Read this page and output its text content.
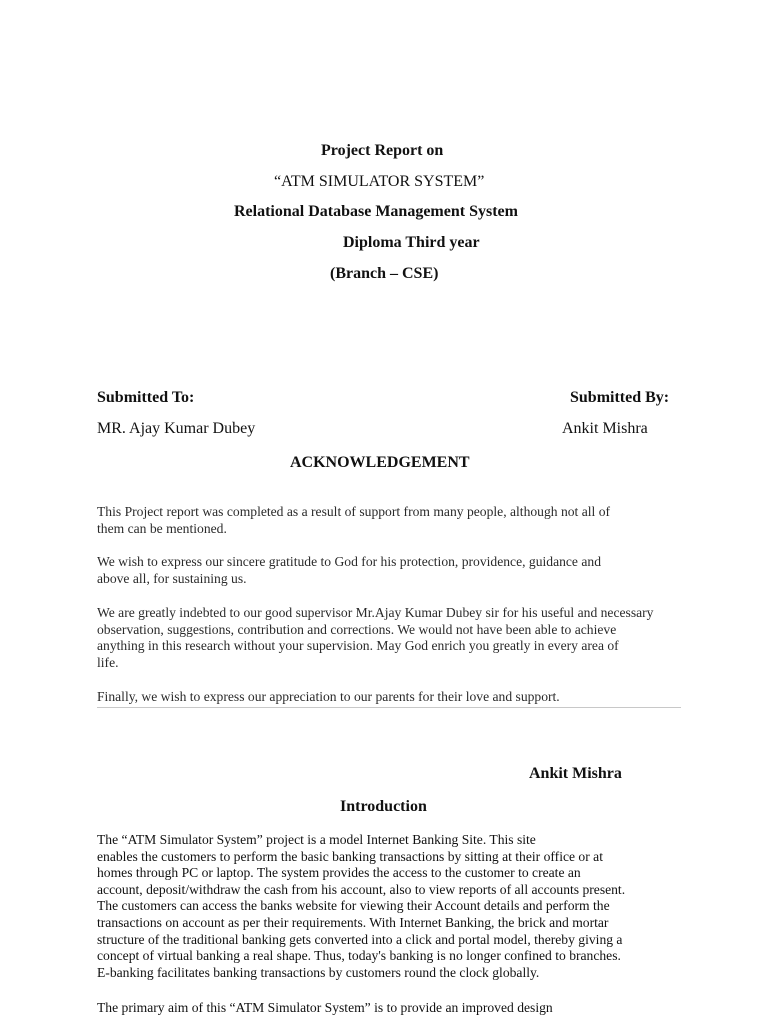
Project Report on

“ATM SIMULATOR SYSTEM”

Relational Database Management System

Diploma Third year

(Branch – CSE)

Submitted To:	Submitted By:

MR. Ajay Kumar Dubey	Ankit Mishra

ACKNOWLEDGEMENT

This Project report was completed as a result of support from many people, although not all of
them can be mentioned.

We wish to express our sincere gratitude to God for his protection, providence, guidance and
above all, for sustaining us.

We are greatly indebted to our good supervisor Mr.Ajay Kumar Dubey sir for his useful and necessary
observation, suggestions, contribution and corrections. We would not have been able to achieve
anything in this research without your supervision. May God enrich you greatly in every area of
life.

Finally, we wish to express our appreciation to our parents for their love and support.

Ankit Mishra

Introduction

The “ATM Simulator System” project is a model Internet Banking Site. This site
enables the customers to perform the basic banking transactions by sitting at their office or at
homes through PC or laptop. The system provides the access to the customer to create an
account, deposit/withdraw the cash from his account, also to view reports of all accounts present.
The customers can access the banks website for viewing their Account details and perform the
transactions on account as per their requirements. With Internet Banking, the brick and mortar
structure of the traditional banking gets converted into a click and portal model, thereby giving a
concept of virtual banking a real shape. Thus, today's banking is no longer confined to branches.
E-banking facilitates banking transactions by customers round the clock globally.

The primary aim of this “ATM Simulator System” is to provide an improved design
